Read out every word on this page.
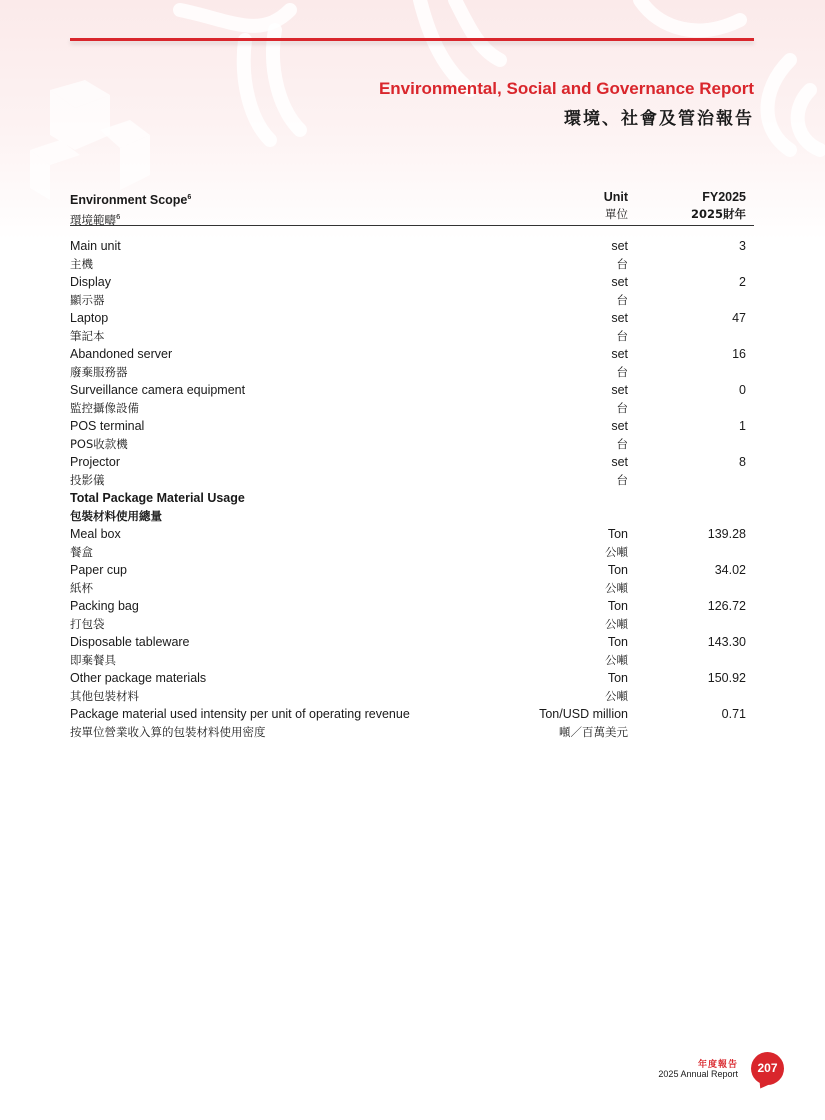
Environmental, Social and Governance Report
環境、社會及管治報告
Environment Scope$^6$
環境範疇$^6$
Unit
單位
FY2025
2025財年
Main unit
主機
set
台
3
Display
顯示器
set
台
2
Laptop
筆記本
set
台
47
Abandoned server
廢棄服務器
set
台
16
Surveillance camera equipment
監控攝像設備
set
台
0
POS terminal
POS收款機
set
台
1
Projector
投影儀
set
台
8
Total Package Material Usage
包裝材料使用總量
Meal box
餐盒
Ton
公噸
139.28
Paper cup
紙杯
Ton
公噸
34.02
Packing bag
打包袋
Ton
公噸
126.72
Disposable tableware
即棄餐具
Ton
公噸
143.30
Other package materials
其他包裝材料
Ton
公噸
150.92
Package material used intensity per unit of operating revenue
按單位營業收入算的包裝材料使用密度
Ton/USD million
噸／百萬美元
0.71
年度報告
2025 Annual Report	207
